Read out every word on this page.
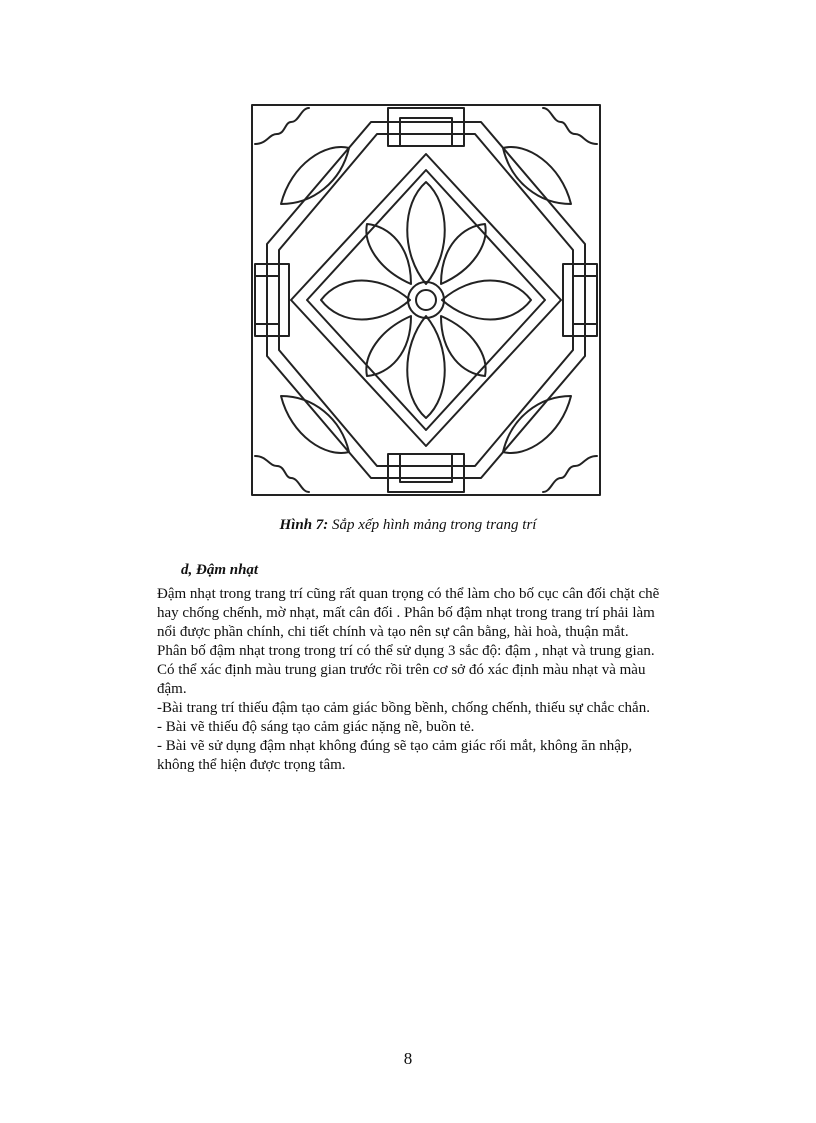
Hình 7: Sắp xếp hình mảng trong trang trí
d, Đậm nhạt

Đậm nhạt trong trang trí cũng rất quan trọng có thể làm cho bố cục cân đối chặt chẽ

hay chống chếnh, mờ nhạt, mất cân đối . Phân bố đậm nhạt trong trang trí phải làm

nổi được phần chính, chi tiết chính và tạo nên sự cân bằng, hài hoà, thuận mắt.

Phân bố đậm nhạt trong trong trí có thể sử dụng 3 sắc độ: đậm , nhạt và trung gian.

Có thể xác định màu trung gian trước rồi trên cơ sở đó xác định màu nhạt và màu

đậm.

-Bài trang trí thiếu đậm tạo cảm giác bồng bềnh, chống chếnh, thiếu sự chắc chắn.

- Bài vẽ thiếu độ sáng tạo cảm giác nặng nề, buồn tẻ.

- Bài vẽ sử dụng đậm nhạt không đúng sẽ tạo cảm giác rối mắt, không ăn nhập,

không thể hiện được trọng tâm.

8
